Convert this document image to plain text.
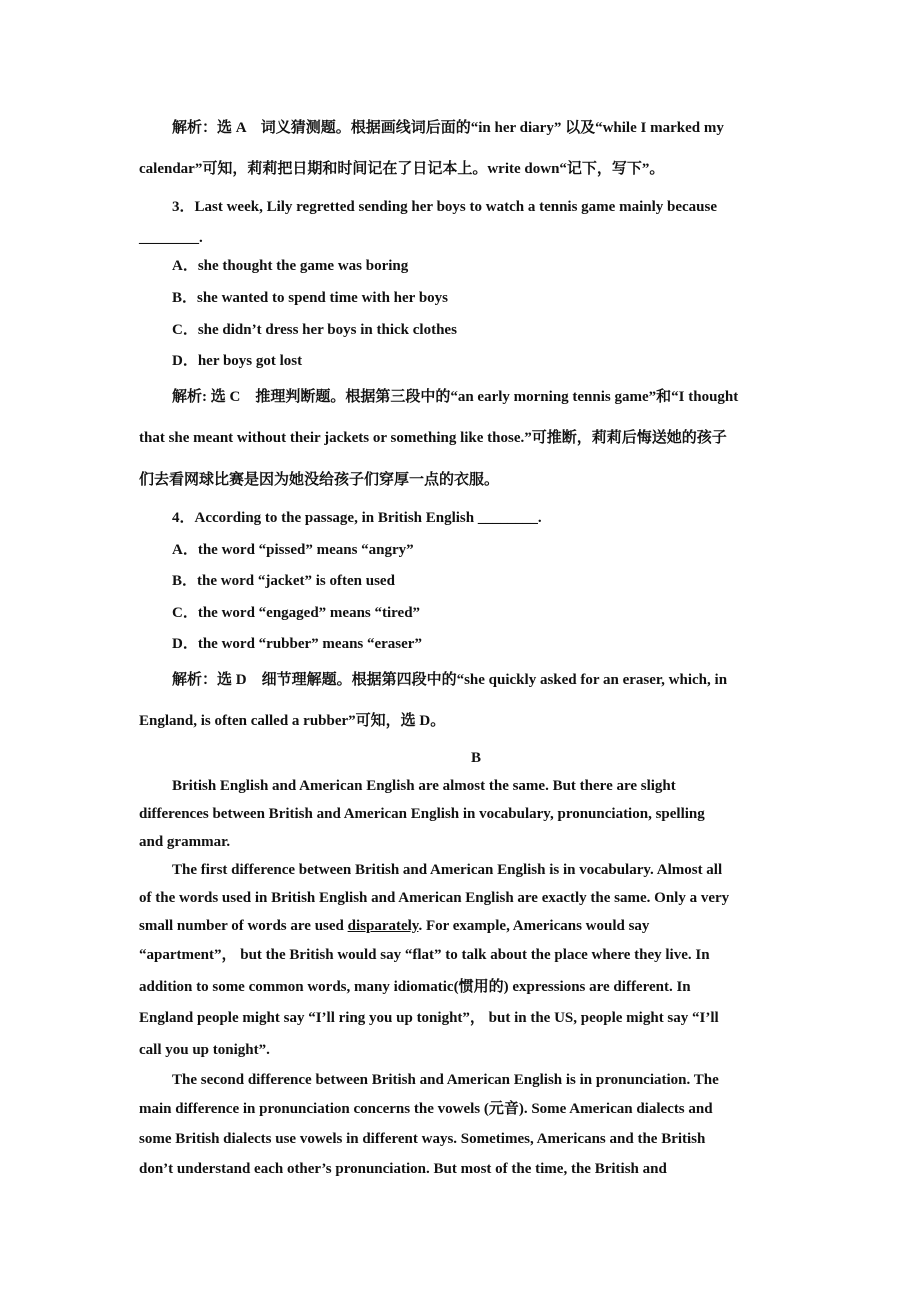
解析：选 A　词义猜测题。根据画线词后面的“in her diary” 以及“while I marked my
calendar”可知，莉莉把日期和时间记在了日记本上。write down“记下，写下”。
3．Last week, Lily regretted sending her boys to watch a tennis game mainly because
________.
A．she thought the game was boring
B．she wanted to spend time with her boys
C．she didn’t dress her boys in thick clothes
D．her boys got lost
解析: 选 C　推理判断题。根据第三段中的“an early morning tennis game”和“I thought
that she meant without their jackets or something like those.”可推断，莉莉后悔送她的孩子
们去看网球比赛是因为她没给孩子们穿厚一点的衣服。
4．According to the passage, in British English ________.
A．the word “pissed” means “angry”
B．the word “jacket” is often used
C．the word “engaged” means “tired”
D．the word “rubber” means “eraser”
解析：选 D　细节理解题。根据第四段中的“she quickly asked for an eraser, which, in
England, is often called a rubber”可知，选 D。
B
British English and American English are almost the same. But there are slight
differences between British and American English in vocabulary, pronunciation, spelling
and grammar.
The first difference between British and American English is in vocabulary. Almost all
of the words used in British English and American English are exactly the same. Only a very
small number of words are used disparately. For example, Americans would say
“apartment”， but the British would say “flat” to talk about the place where they live. In
addition to some common words, many idiomatic(惯用的) expressions are different. In
England people might say “I’ll ring you up tonight”， but in the US, people might say “I’ll
call you up tonight”.
The second difference between British and American English is in pronunciation. The
main difference in pronunciation concerns the vowels (元音). Some American dialects and
some British dialects use vowels in different ways. Sometimes, Americans and the British
don’t understand each other’s pronunciation. But most of the time, the British and
